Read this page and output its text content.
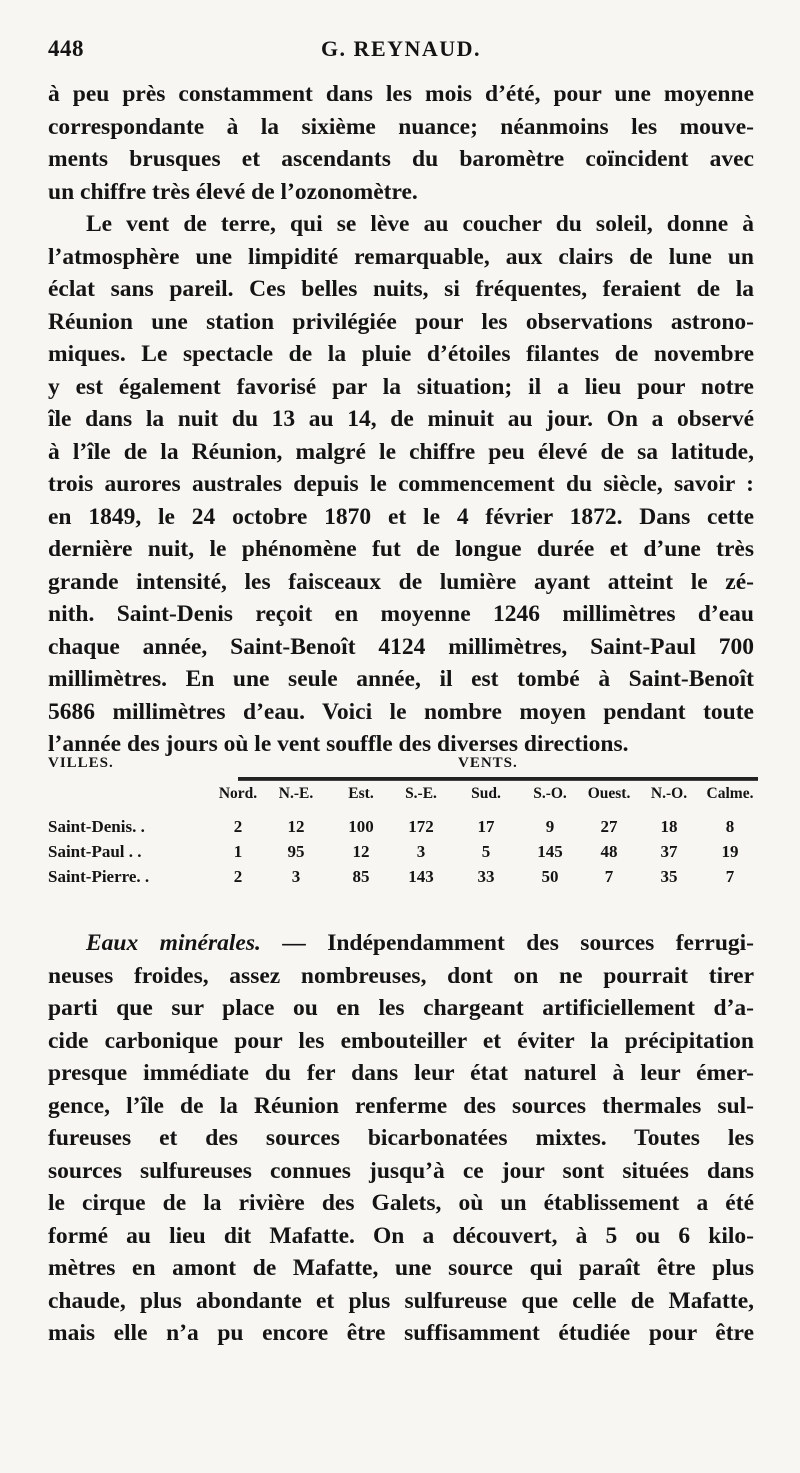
448	G. REYNAUD.
à peu près constamment dans les mois d’été, pour une moyenne
correspondante à la sixième nuance; néanmoins les mouve-
ments brusques et ascendants du baromètre coïncident avec
un chiffre très élevé de l’ozonomètre.
Le vent de terre, qui se lève au coucher du soleil, donne à
l’atmosphère une limpidité remarquable, aux clairs de lune un
éclat sans pareil. Ces belles nuits, si fréquentes, feraient de la
Réunion une station privilégiée pour les observations astrono-
miques. Le spectacle de la pluie d’étoiles filantes de novembre
y est également favorisé par la situation; il a lieu pour notre
île dans la nuit du 13 au 14, de minuit au jour. On a observé
à l’île de la Réunion, malgré le chiffre peu élevé de sa latitude,
trois aurores australes depuis le commencement du siècle, savoir :
en 1849, le 24 octobre 1870 et le 4 février 1872. Dans cette
dernière nuit, le phénomène fut de longue durée et d’une très
grande intensité, les faisceaux de lumière ayant atteint le zé-
nith. Saint-Denis reçoit en moyenne 1246 millimètres d’eau
chaque année, Saint-Benoît 4124 millimètres, Saint-Paul 700
millimètres. En une seule année, il est tombé à Saint-Benoît
5686 millimètres d’eau. Voici le nombre moyen pendant toute
l’année des jours où le vent souffle des diverses directions.
VILLES.	VENTS.
Nord.	N.-E.	Est.	S.-E.	Sud.	S.-O.	Ouest.	N.-O.	Calme.
Saint-Denis. .	2	12	100	172	17	9	27	18	8
Saint-Paul . .	1	95	12	3	5	145	48	37	19
Saint-Pierre. .	2	3	85	143	33	50	7	35	7
Eaux minérales. — Indépendamment des sources ferrugi-
neuses froides, assez nombreuses, dont on ne pourrait tirer
parti que sur place ou en les chargeant artificiellement d’a-
cide carbonique pour les embouteiller et éviter la précipitation
presque immédiate du fer dans leur état naturel à leur émer-
gence, l’île de la Réunion renferme des sources thermales sul-
fureuses et des sources bicarbonatées mixtes. Toutes les
sources sulfureuses connues jusqu’à ce jour sont situées dans
le cirque de la rivière des Galets, où un établissement a été
formé au lieu dit Mafatte. On a découvert, à 5 ou 6 kilo-
mètres en amont de Mafatte, une source qui paraît être plus
chaude, plus abondante et plus sulfureuse que celle de Mafatte,
mais elle n’a pu encore être suffisamment étudiée pour être
